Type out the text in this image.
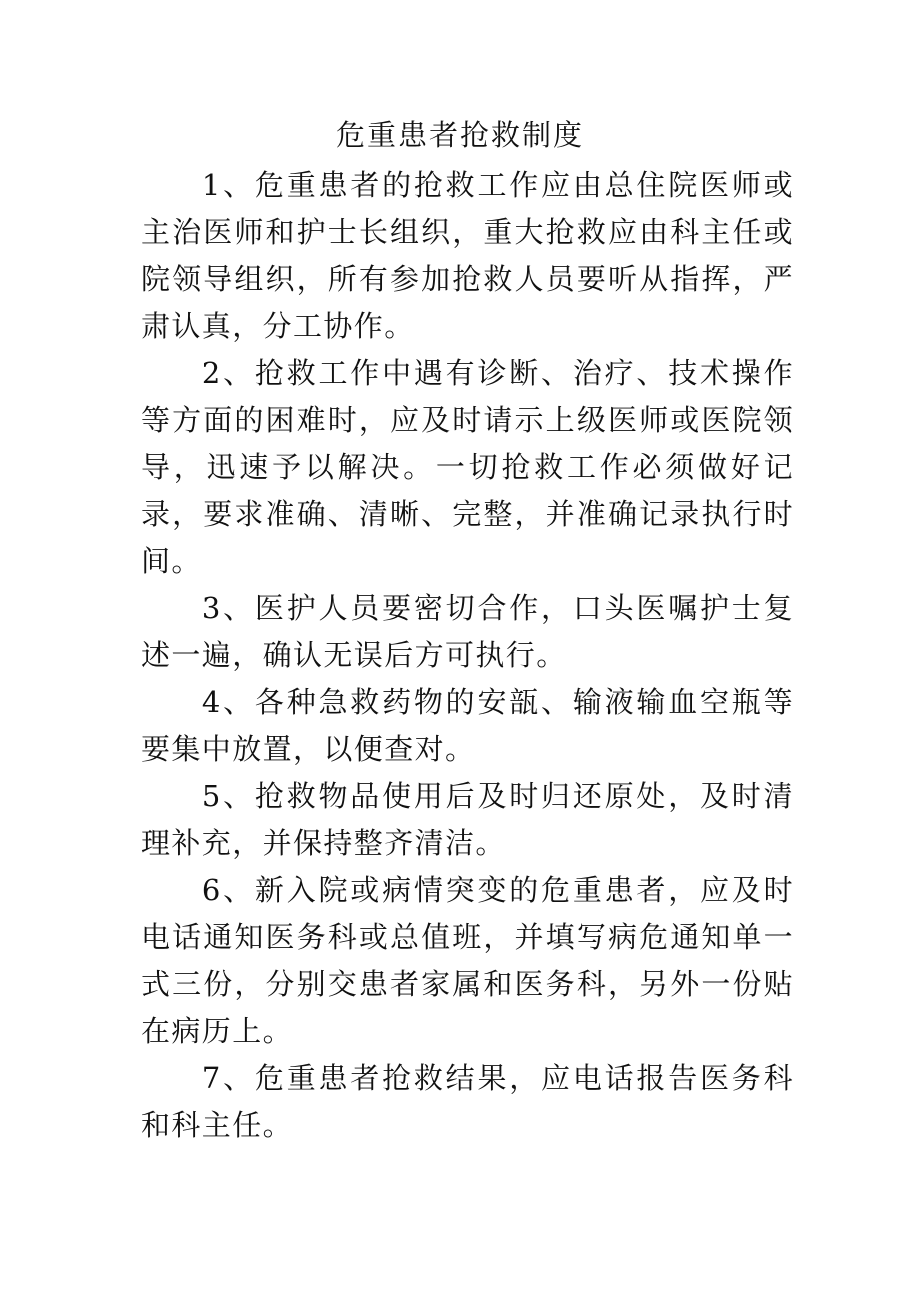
危重患者抢救制度

1、危重患者的抢救工作应由总住院医师或主治医师和护士长组织，重大抢救应由科主任或院领导组织，所有参加抢救人员要听从指挥，严肃认真，分工协作。

2、抢救工作中遇有诊断、治疗、技术操作等方面的困难时，应及时请示上级医师或医院领导，迅速予以解决。一切抢救工作必须做好记录，要求准确、清晰、完整，并准确记录执行时间。

3、医护人员要密切合作，口头医嘱护士复述一遍，确认无误后方可执行。

4、各种急救药物的安瓿、输液输血空瓶等要集中放置，以便查对。

5、抢救物品使用后及时归还原处，及时清理补充，并保持整齐清洁。

6、新入院或病情突变的危重患者，应及时电话通知医务科或总值班，并填写病危通知单一式三份，分别交患者家属和医务科，另外一份贴在病历上。

7、危重患者抢救结果，应电话报告医务科和科主任。
